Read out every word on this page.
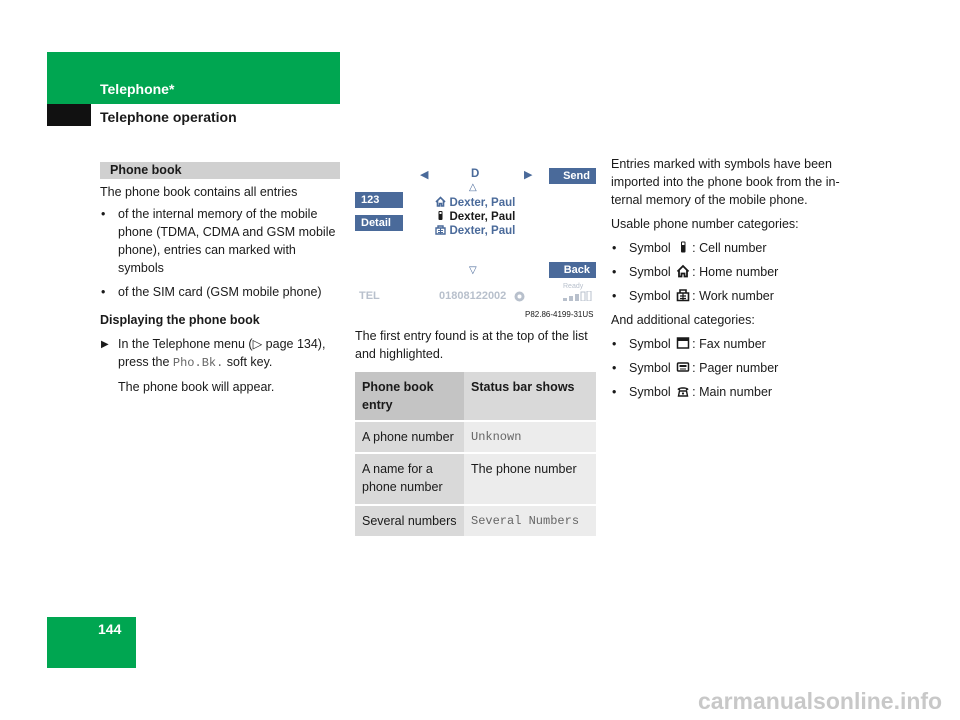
Telephone*
Telephone operation
144
Phone book

The phone book contains all entries

• of the internal memory of the mobile
phone (TDMA, CDMA and GSM mobile
phone), entries can marked with
symbols
• of the SIM card (GSM mobile phone)

Displaying the phone book

▶ In the Telephone menu (▷ page 134),
press the Pho.Bk. soft key.
The phone book will appear.
◀	D	▶
△
Send
123
Detail
Back
Dexter, Paul
Dexter, Paul
Dexter, Paul
▽
TEL	01808122002
Ready
P82.86-4199-31US
The first entry found is at the top of the list
and highlighted.
Phone book
entry	Status bar shows

A phone number	Unknown

A name for a
phone number	The phone number

Several numbers	Several Numbers
Entries marked with symbols have been
imported into the phone book from the in-
ternal memory of the mobile phone.

Usable phone number categories:

• Symbol : Cell number
• Symbol : Home number
• Symbol : Work number

And additional categories:

• Symbol : Fax number
• Symbol : Pager number
• Symbol : Main number
carmanualsonline.info
